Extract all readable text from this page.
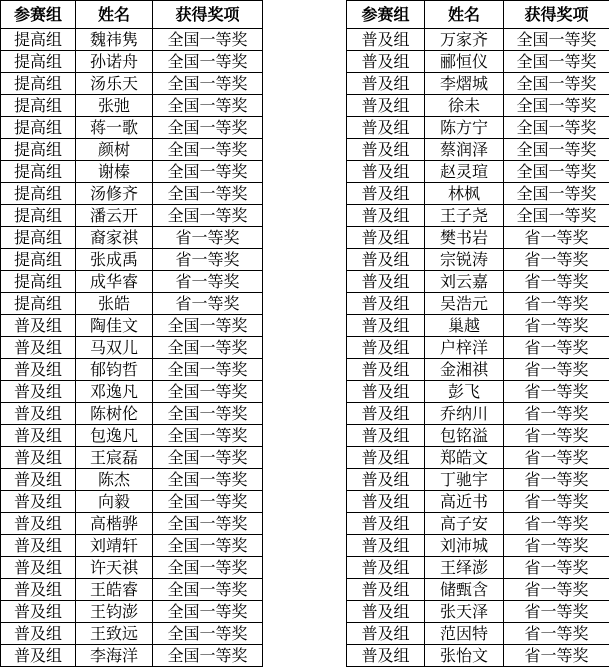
参赛组	姓名	获得奖项
提高组	魏祎隽	全国一等奖
提高组	孙诺舟	全国一等奖
提高组	汤乐天	全国一等奖
提高组	张弛	全国一等奖
提高组	蒋一歌	全国一等奖
提高组	颜树	全国一等奖
提高组	谢榛	全国一等奖
提高组	汤修齐	全国一等奖
提高组	潘云开	全国一等奖
提高组	裔家祺	省一等奖
提高组	张成禹	省一等奖
提高组	成华睿	省一等奖
提高组	张皓	省一等奖
普及组	陶佳文	全国一等奖
普及组	马双儿	全国一等奖
普及组	郁钧哲	全国一等奖
普及组	邓逸凡	全国一等奖
普及组	陈树伦	全国一等奖
普及组	包逸凡	全国一等奖
普及组	王宸磊	全国一等奖
普及组	陈杰	全国一等奖
普及组	向毅	全国一等奖
普及组	高楷骅	全国一等奖
普及组	刘靖轩	全国一等奖
普及组	许天祺	全国一等奖
普及组	王皓睿	全国一等奖
普及组	王钧澎	全国一等奖
普及组	王致远	全国一等奖
普及组	李海洋	全国一等奖
参赛组	姓名	获得奖项
普及组	万家齐	全国一等奖
普及组	郦恒仪	全国一等奖
普及组	李熠城	全国一等奖
普及组	徐未	全国一等奖
普及组	陈方宁	全国一等奖
普及组	蔡润泽	全国一等奖
普及组	赵灵瑄	全国一等奖
普及组	林枫	全国一等奖
普及组	王子尧	全国一等奖
普及组	樊书岩	省一等奖
普及组	宗锐涛	省一等奖
普及组	刘云嘉	省一等奖
普及组	吴浩元	省一等奖
普及组	巢越	省一等奖
普及组	户梓洋	省一等奖
普及组	金湘祺	省一等奖
普及组	彭飞	省一等奖
普及组	乔纳川	省一等奖
普及组	包铭溢	省一等奖
普及组	郑皓文	省一等奖
普及组	丁驰宇	省一等奖
普及组	高近书	省一等奖
普及组	高子安	省一等奖
普及组	刘沛城	省一等奖
普及组	王绎澎	省一等奖
普及组	储甄含	省一等奖
普及组	张天泽	省一等奖
普及组	范因特	省一等奖
普及组	张怡文	省一等奖
